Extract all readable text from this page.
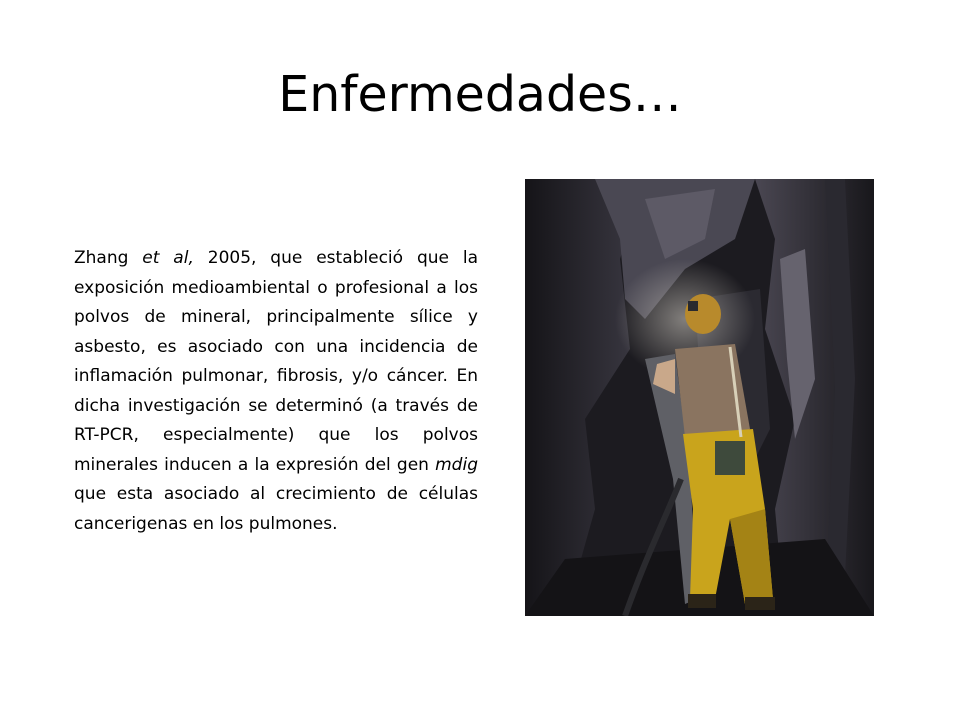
Enfermedades…

Zhang et al, 2005, que estableció que la exposición medioambiental o profesional a los polvos de mineral, principalmente sílice y asbesto, es asociado con una incidencia de inflamación pulmonar, fibrosis, y/o cáncer. En dicha investigación se determinó (a través de RT-PCR, especialmente) que los polvos minerales inducen a la expresión del gen mdig que esta asociado al crecimiento de células cancerigenas en los pulmones.
